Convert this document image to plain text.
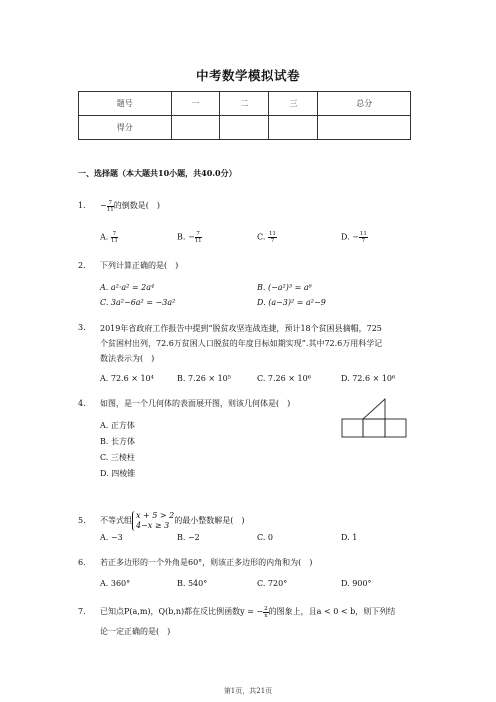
中考数学模拟试卷
题号	一	二	三	总分
得分				
一、选择题（本大题共10小题，共40.0分）
1. − $\frac{7}{11}$ 的倒数是(　)
A. $\frac{7}{11}$	B. − $\frac{7}{11}$	C. $\frac{11}{7}$	D. − $\frac{11}{7}$
2. 下列计算正确的是(　)
A. a²·a² = 2a⁴	B. (−a²)³ = a⁶
C. 3a²−6a² = −3a²	D. (a−3)² = a²−9
3. 2019年省政府工作报告中提到“脱贫攻坚连战连捷，预计18个贫困县摘帽，725
个贫困村出列，72.6万贫困人口脱贫的年度目标如期实现”.其中72.6万用科学记
数法表示为(　)
A. 72.6 × 10⁴	B. 7.26 × 10⁵	C. 7.26 × 10⁶	D. 72.6 × 10⁶
4. 如图，是一个几何体的表面展开图，则该几何体是(　)
A. 正方体
B. 长方体
C. 三棱柱
D. 四棱锥
5. 不等式组
x + 5 > 2
4−x ≥ 3
的最小整数解是(　)
A. −3	B. −2	C. 0	D. 1
6. 若正多边形的一个外角是60°，则该正多边形的内角和为(　)
A. 360°	B. 540°	C. 720°	D. 900°
7. 已知点P(a,m)，Q(b,n)都在反比例函数y = − $\frac{2}{x}$ 的图象上，且a < 0 < b，则下列结
论一定正确的是(　)
第1页，共21页
